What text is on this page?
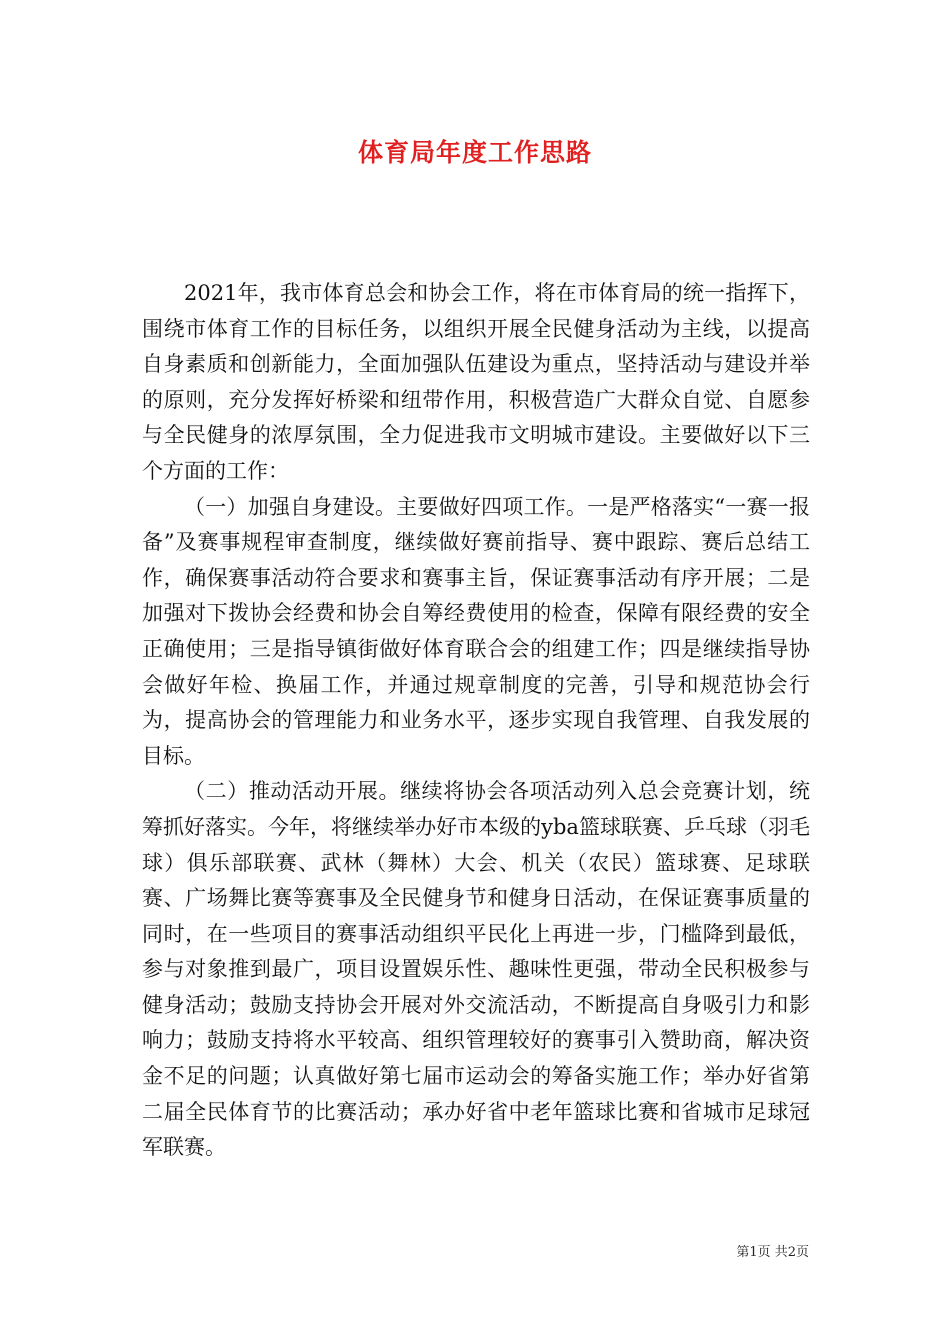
体育局年度工作思路

2021年，我市体育总会和协会工作，将在市体育局的统一指挥下，围绕市体育工作的目标任务，以组织开展全民健身活动为主线，以提高自身素质和创新能力，全面加强队伍建设为重点，坚持活动与建设并举的原则，充分发挥好桥梁和纽带作用，积极营造广大群众自觉、自愿参与全民健身的浓厚氛围，全力促进我市文明城市建设。主要做好以下三个方面的工作：

（一）加强自身建设。主要做好四项工作。一是严格落实“一赛一报备”及赛事规程审查制度，继续做好赛前指导、赛中跟踪、赛后总结工作，确保赛事活动符合要求和赛事主旨，保证赛事活动有序开展；二是加强对下拨协会经费和协会自筹经费使用的检查，保障有限经费的安全正确使用；三是指导镇街做好体育联合会的组建工作；四是继续指导协会做好年检、换届工作，并通过规章制度的完善，引导和规范协会行为，提高协会的管理能力和业务水平，逐步实现自我管理、自我发展的目标。

（二）推动活动开展。继续将协会各项活动列入总会竞赛计划，统筹抓好落实。今年，将继续举办好市本级的yba篮球联赛、乒乓球（羽毛球）俱乐部联赛、武林（舞林）大会、机关（农民）篮球赛、足球联赛、广场舞比赛等赛事及全民健身节和健身日活动，在保证赛事质量的同时，在一些项目的赛事活动组织平民化上再进一步，门槛降到最低，参与对象推到最广，项目设置娱乐性、趣味性更强，带动全民积极参与健身活动；鼓励支持协会开展对外交流活动，不断提高自身吸引力和影响力；鼓励支持将水平较高、组织管理较好的赛事引入赞助商，解决资金不足的问题；认真做好第七届市运动会的筹备实施工作；举办好省第二届全民体育节的比赛活动；承办好省中老年篮球比赛和省城市足球冠军联赛。

第1页 共2页
